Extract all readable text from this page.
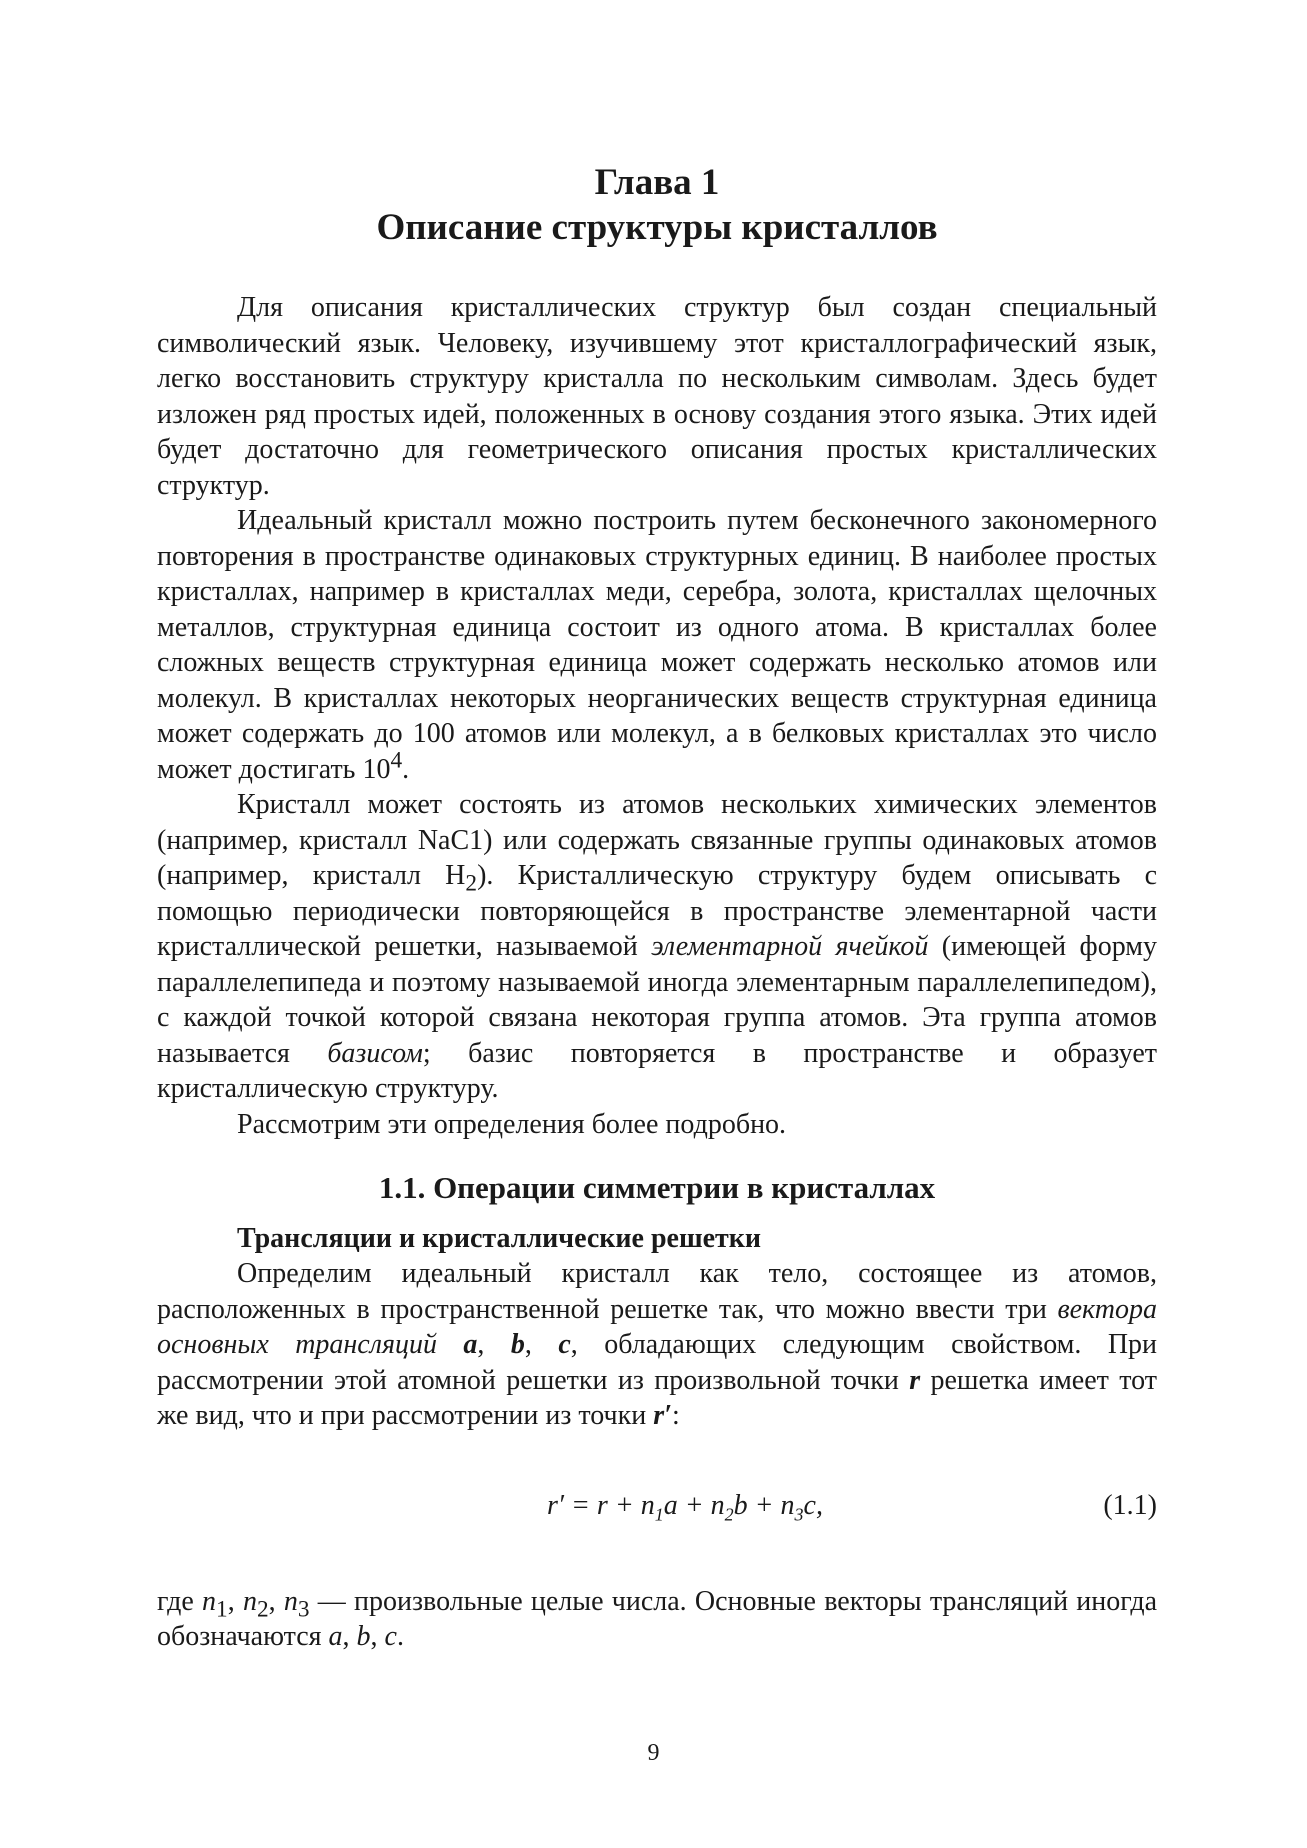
Глава 1
Описание структуры кристаллов

Для описания кристаллических структур был создан специальный символический язык. Человеку, изучившему этот кристаллографический язык, легко восстановить структуру кристалла по нескольким символам. Здесь будет изложен ряд простых идей, положенных в основу создания этого языка. Этих идей будет достаточно для геометрического описания простых кристаллических структур.

Идеальный кристалл можно построить путем бесконечного закономерного повторения в пространстве одинаковых структурных единиц. В наиболее простых кристаллах, например в кристаллах меди, серебра, золота, кристаллах щелочных металлов, структурная единица состоит из одного атома. В кристаллах более сложных веществ структурная единица может содержать несколько атомов или молекул. В кристаллах некоторых неорганических веществ структурная единица может содержать до 100 атомов или молекул, а в белковых кристаллах это число может достигать $10^4$.

Кристалл может состоять из атомов нескольких химических элементов (например, кристалл NaC1) или содержать связанные группы одинаковых атомов (например, кристалл $H_2$). Кристаллическую структуру будем описывать с помощью периодически повторяющейся в пространстве элементарной части кристаллической решетки, называемой элементарной ячейкой (имеющей форму параллелепипеда и поэтому называемой иногда элементарным параллелепипедом), с каждой точкой которой связана некоторая группа атомов. Эта группа атомов называется базисом; базис повторяется в пространстве и образует кристаллическую структуру.

Рассмотрим эти определения более подробно.

1.1. Операции симметрии в кристаллах
Трансляции и кристаллические решетки

Определим идеальный кристалл как тело, состоящее из атомов, расположенных в пространственной решетке так, что можно ввести три вектора основных трансляций a, b, c, обладающих следующим свойством. При рассмотрении этой атомной решетки из произвольной точки r решетка имеет тот же вид, что и при рассмотрении из точки r′:

$r' = r + n_1a + n_2b + n_3c$,	(1.1)

где $n_1$, $n_2$, $n_3$ — произвольные целые числа. Основные векторы трансляций иногда обозначаются a, b, c.

9
